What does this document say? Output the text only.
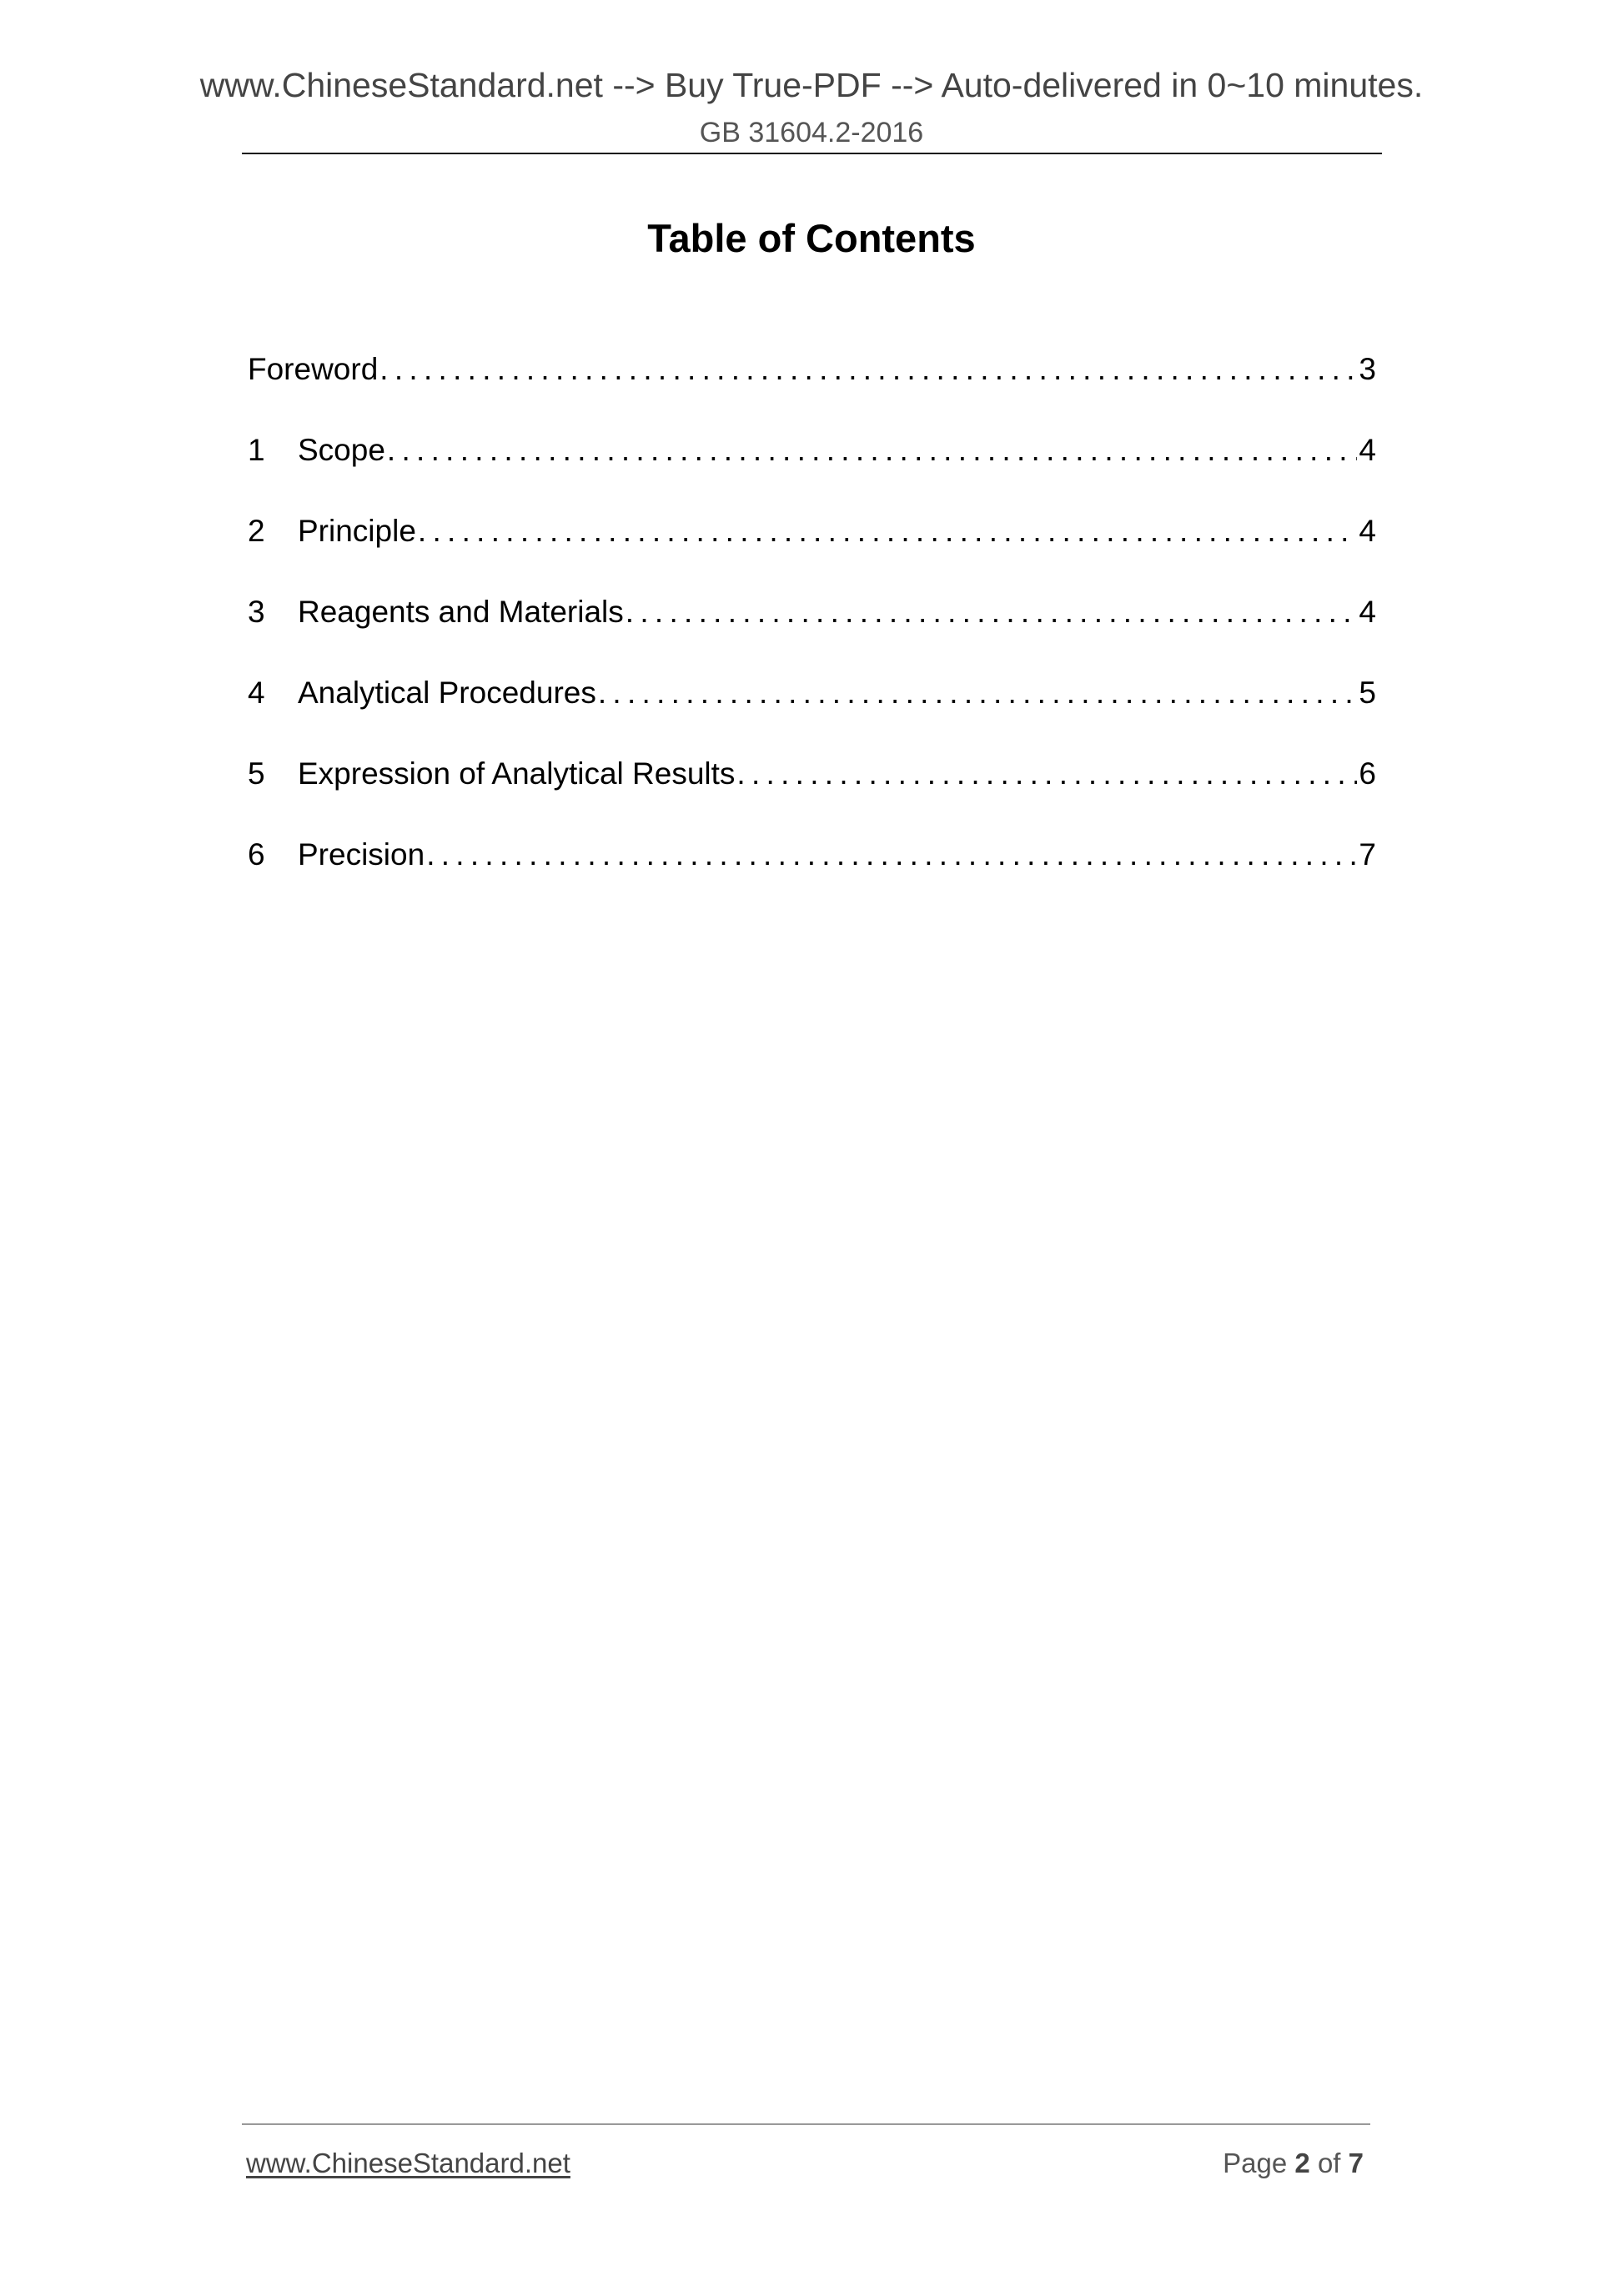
www.ChineseStandard.net --> Buy True-PDF --> Auto-delivered in 0~10 minutes.
GB 31604.2-2016
Table of Contents
Foreword . . .	3
1	Scope . . .	4
2	Principle . . .	4
3	Reagents and Materials . . .	4
4	Analytical Procedures . . .	5
5	Expression of Analytical Results . . .	6
6	Precision . . .	7
www.ChineseStandard.net	Page 2 of 7
